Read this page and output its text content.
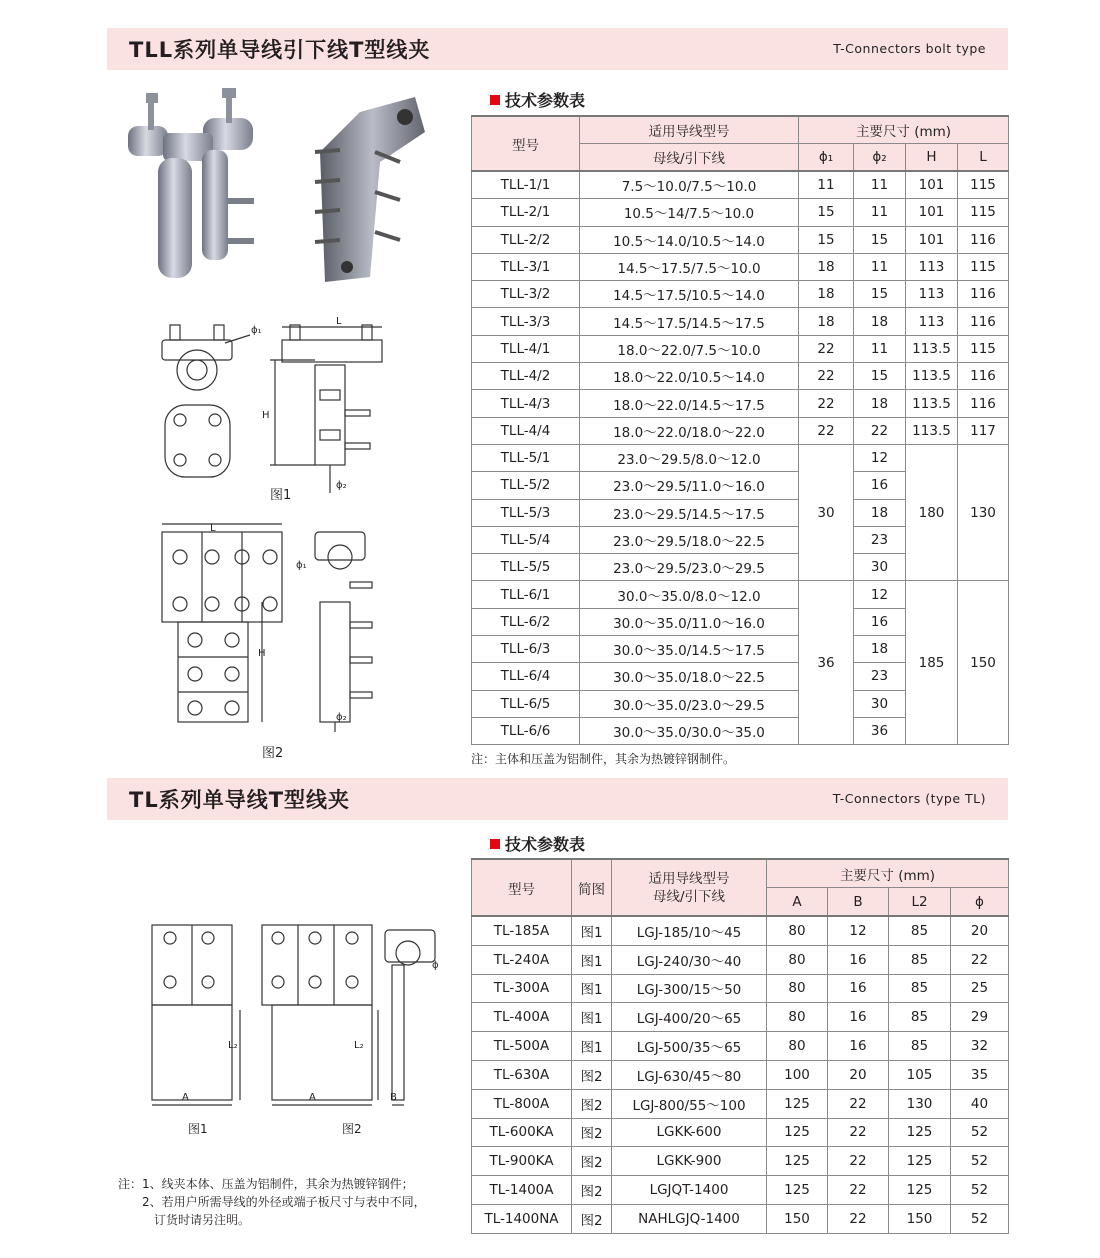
TLL系列单导线引下线T型线夹	T-Connectors bolt type
L
ϕ₁
H
ϕ₂
图1
L
ϕ₁
H
ϕ₂
图2
技术参数表
型号	适用导线型号	主要尺寸 (mm)			
	母线/引下线	ϕ₁	ϕ₂	H	L
TLL-1/1	7.5～10.0/7.5～10.0	11	11	101	115
TLL-2/1	10.5～14/7.5～10.0	15	11	101	115
TLL-2/2	10.5～14.0/10.5～14.0	15	15	101	116
TLL-3/1	14.5～17.5/7.5～10.0	18	11	113	115
TLL-3/2	14.5～17.5/10.5～14.0	18	15	113	116
TLL-3/3	14.5～17.5/14.5～17.5	18	18	113	116
TLL-4/1	18.0～22.0/7.5～10.0	22	11	113.5	115
TLL-4/2	18.0～22.0/10.5～14.0	22	15	113.5	116
TLL-4/3	18.0～22.0/14.5～17.5	22	18	113.5	116
TLL-4/4	18.0～22.0/18.0～22.0	22	22	113.5	117
TLL-5/1	23.0～29.5/8.0～12.0	30	12	180	130
TLL-5/2	23.0～29.5/11.0～16.0		16		
TLL-5/3	23.0～29.5/14.5～17.5		18		
TLL-5/4	23.0～29.5/18.0～22.5		23		
TLL-5/5	23.0～29.5/23.0～29.5		30		
TLL-6/1	30.0～35.0/8.0～12.0	36	12	185	150
TLL-6/2	30.0～35.0/11.0～16.0		16		
TLL-6/3	30.0～35.0/14.5～17.5		18		
TLL-6/4	30.0～35.0/18.0～22.5		23		
TLL-6/5	30.0～35.0/23.0～29.5		30		
TLL-6/6	30.0～35.0/30.0～35.0		36		
注：主体和压盖为铝制件，其余为热镀锌钢制件。
TL系列单导线T型线夹	T-Connectors (type TL)
技术参数表
型号	简图	适用导线型号
母线/引下线	主要尺寸 (mm)			
			A	B	L2	ϕ
TL-185A	图1	LGJ-185/10～45	80	12	85	20
TL-240A	图1	LGJ-240/30～40	80	16	85	22
TL-300A	图1	LGJ-300/15～50	80	16	85	25
TL-400A	图1	LGJ-400/20～65	80	16	85	29
TL-500A	图1	LGJ-500/35～65	80	16	85	32
TL-630A	图2	LGJ-630/45～80	100	20	105	35
TL-800A	图2	LGJ-800/55～100	125	22	130	40
TL-600KA	图2	LGKK-600	125	22	125	52
TL-900KA	图2	LGKK-900	125	22	125	52
TL-1400A	图2	LGJQT-1400	125	22	125	52
TL-1400NA	图2	NAHLGJQ-1400	150	22	150	52
A	A	B
L₂	L₂
ϕ
图1	图2
注：1、线夹本体、压盖为铝制件，其余为热镀锌钢件；
　　2、若用户所需导线的外径或端子板尺寸与表中不同，
　　　订货时请另注明。
